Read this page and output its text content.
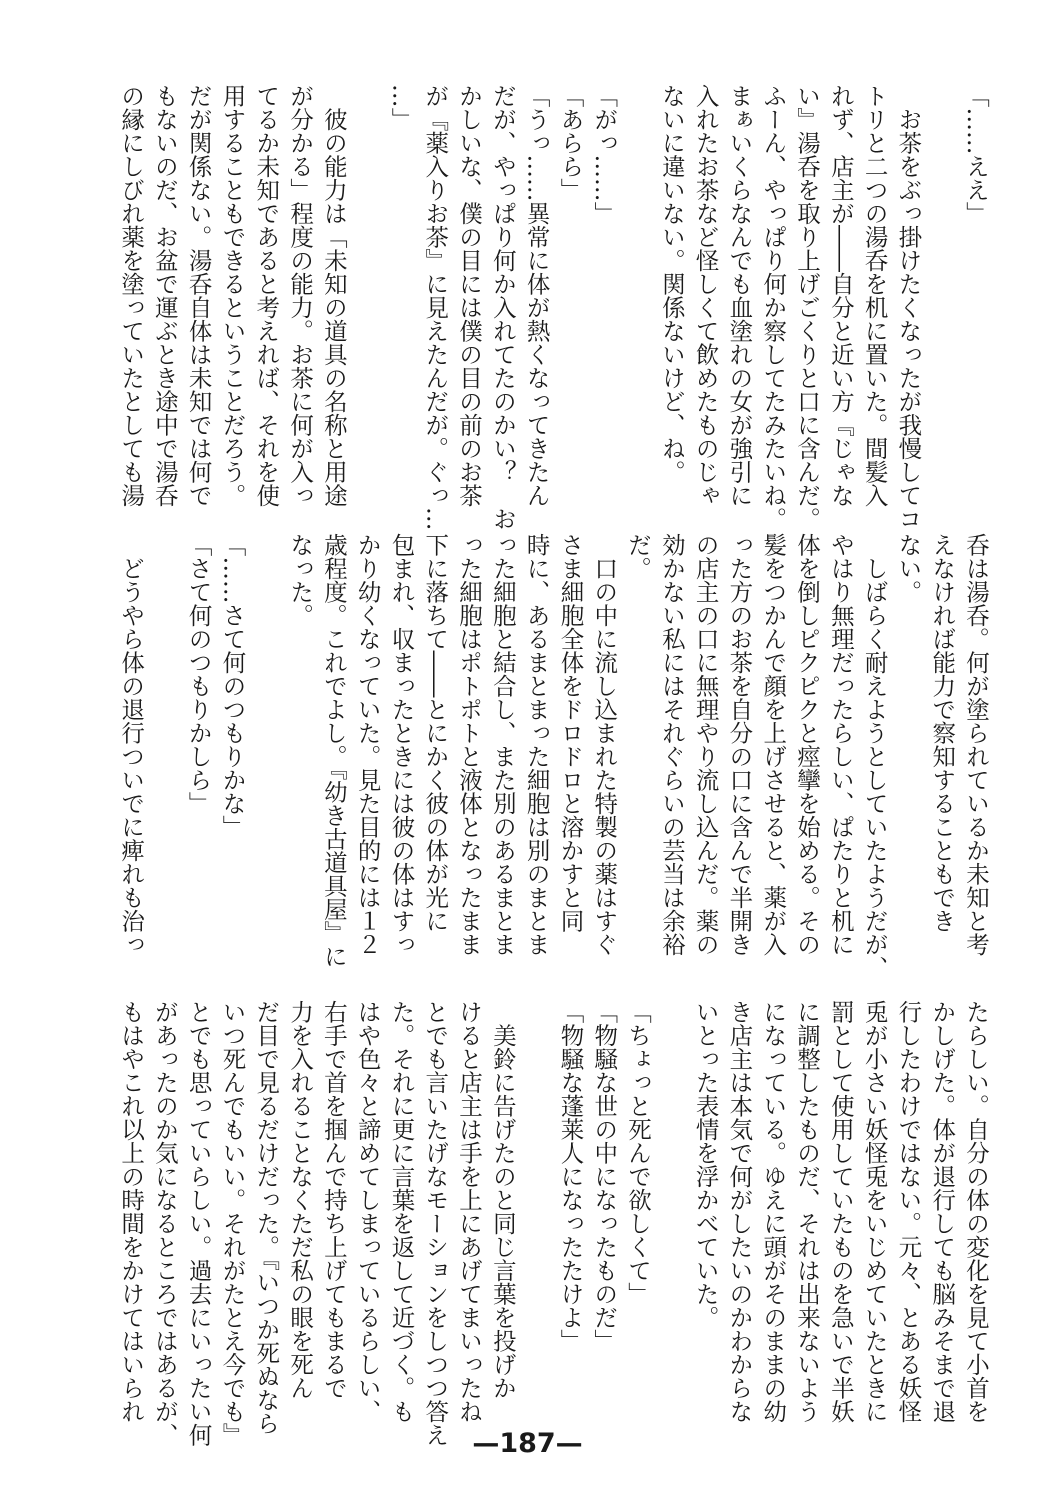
「……ええ」
　お茶をぶっ掛けたくなったが我慢してコ
トリと二つの湯呑を机に置いた。間髪入
れず、店主が――自分と近い方『じゃな
い』湯呑を取り上げごくりと口に含んだ。
ふーん、やっぱり何か察してたみたいね。
まぁいくらなんでも血塗れの女が強引に
入れたお茶など怪しくて飲めたものじゃ
ないに違いない。関係ないけど、ね。
「がっ……」
「あらら」
「うっ……異常に体が熱くなってきたん
だが、やっぱり何か入れてたのかい？　お
かしいな、僕の目には僕の目の前のお茶
が『薬入りお茶』に見えたんだが。ぐっ…
…」
　彼の能力は「未知の道具の名称と用途
が分かる」程度の能力。お茶に何が入っ
てるか未知であると考えれば、それを使
用することもできるということだろう。
だが関係ない。湯呑自体は未知では何で
もないのだ、お盆で運ぶとき途中で湯呑
の縁にしびれ薬を塗っていたとしても湯
呑は湯呑。何が塗られているか未知と考
えなければ能力で察知することもでき
ない。
　しばらく耐えようとしていたようだが、
やはり無理だったらしい、ぱたりと机に
体を倒しピクピクと痙攣を始める。その
髪をつかんで顔を上げさせると、薬が入
った方のお茶を自分の口に含んで半開き
の店主の口に無理やり流し込んだ。薬の
効かない私にはそれぐらいの芸当は余裕
だ。
　口の中に流し込まれた特製の薬はすぐ
さま細胞全体をドロドロと溶かすと同
時に、あるまとまった細胞は別のまとま
った細胞と結合し、また別のあるまとま
った細胞はポトポトと液体となったまま
下に落ちて――とにかく彼の体が光に
包まれ、収まったときには彼の体はすっ
かり幼くなっていた。見た目的には１２
歳程度。これでよし。『幼き古道具屋』に
なった。
「……さて何のつもりかな」
「さて何のつもりかしら」
　どうやら体の退行ついでに痺れも治っ
たらしい。自分の体の変化を見て小首を
かしげた。体が退行しても脳みそまで退
行したわけではない。元々、とある妖怪
兎が小さい妖怪兎をいじめていたときに
罰として使用していたものを急いで半妖
に調整したものだ、それは出来ないよう
になっている。ゆえに頭がそのままの幼
き店主は本気で何がしたいのかわからな
いとった表情を浮かべていた。
「ちょっと死んで欲しくて」
「物騒な世の中になったものだ」
「物騒な蓬莱人になったたけよ」
　美鈴に告げたのと同じ言葉を投げか
けると店主は手を上にあげてまいったね
とでも言いたげなモーションをしつつ答え
た。それに更に言葉を返して近づく。も
はや色々と諦めてしまっているらしい、
右手で首を掴んで持ち上げてもまるで
力を入れることなくただ私の眼を死ん
だ目で見るだけだった。『いつか死ぬなら
いつ死んでもいい。それがたとえ今でも』
とでも思っていらしい。過去にいったい何
があったのか気になるところではあるが、
もはやこれ以上の時間をかけてはいられ
—187—
